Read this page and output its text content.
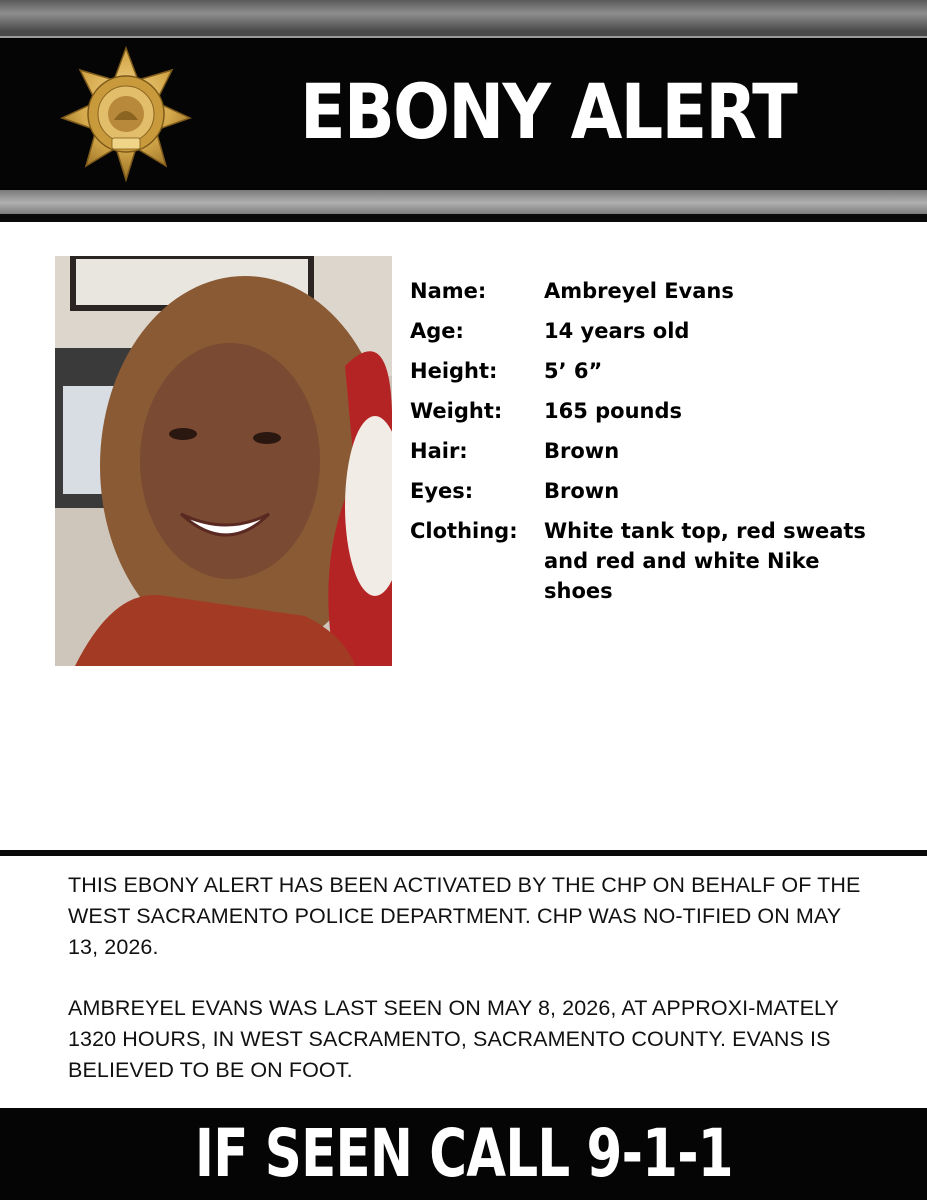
EBONY ALERT
Name:	Ambreyel Evans
Age:	14 years old
Height:	5’ 6”
Weight:	165 pounds
Hair:	Brown
Eyes:	Brown
Clothing:	White tank top, red sweats and red and white Nike shoes

THIS EBONY ALERT HAS BEEN ACTIVATED BY THE CHP ON BEHALF OF THE WEST SACRAMENTO POLICE DEPARTMENT. CHP WAS NO-TIFIED ON MAY 13, 2026.

AMBREYEL EVANS WAS LAST SEEN ON MAY 8, 2026, AT APPROXI-MATELY 1320 HOURS, IN WEST SACRAMENTO, SACRAMENTO COUNTY. EVANS IS BELIEVED TO BE ON FOOT.

IF SEEN CALL 9-1-1
